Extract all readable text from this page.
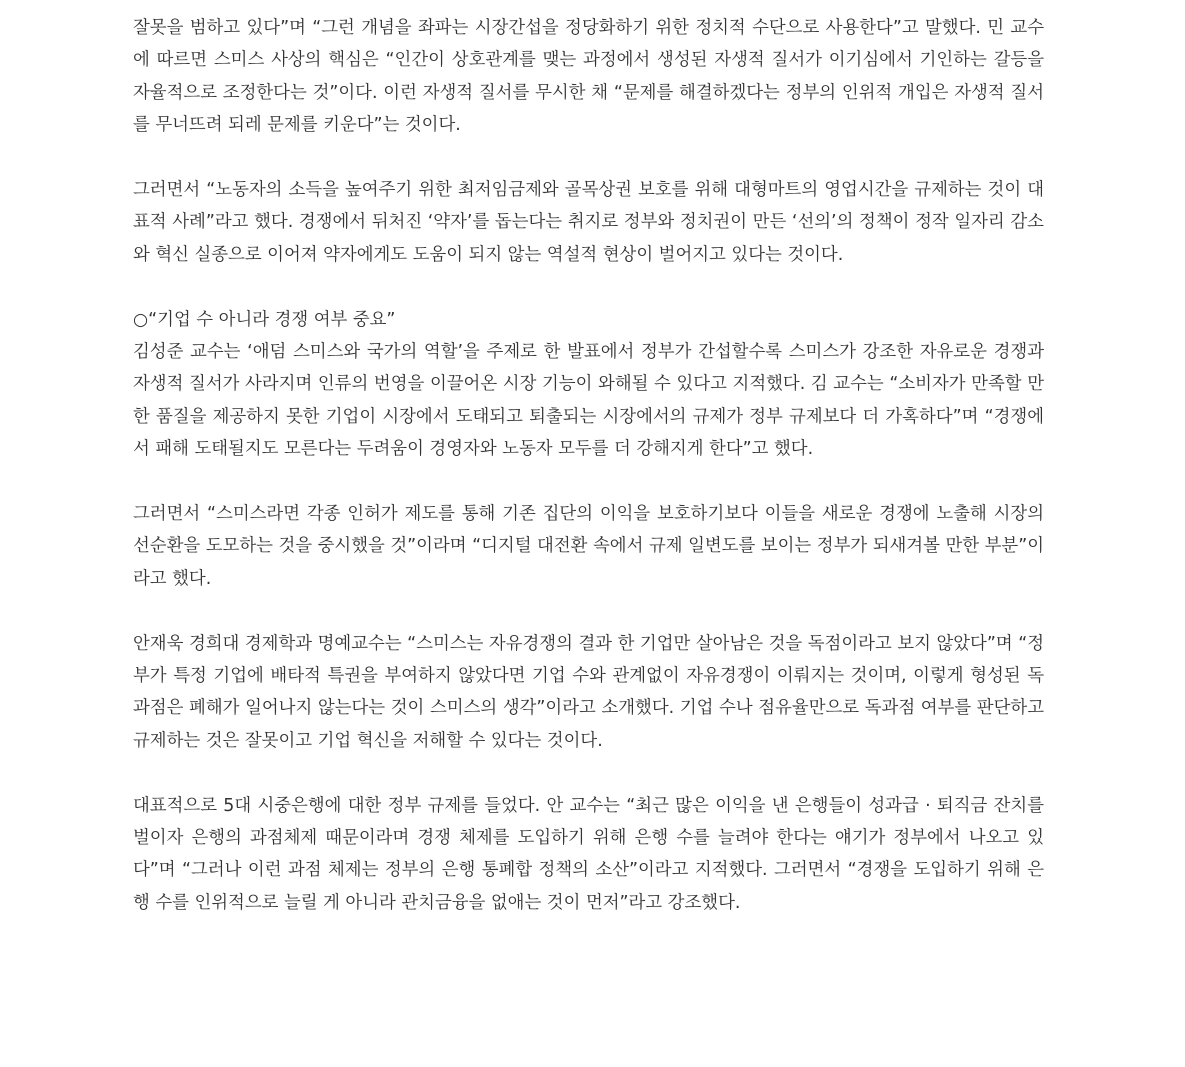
잘못을 범하고 있다”며 “그런 개념을 좌파는 시장간섭을 정당화하기 위한 정치적 수단으로 사용한다”고 말했다. 민 교수에 따르면 스미스 사상의 핵심은 “인간이 상호관계를 맺는 과정에서 생성된 자생적 질서가 이기심에서 기인하는 갈등을 자율적으로 조정한다는 것”이다. 이런 자생적 질서를 무시한 채 “문제를 해결하겠다는 정부의 인위적 개입은 자생적 질서를 무너뜨려 되레 문제를 키운다”는 것이다.

그러면서 “노동자의 소득을 높여주기 위한 최저임금제와 골목상권 보호를 위해 대형마트의 영업시간을 규제하는 것이 대표적 사례”라고 했다. 경쟁에서 뒤처진 ‘약자’를 돕는다는 취지로 정부와 정치권이 만든 ‘선의’의 정책이 정작 일자리 감소와 혁신 실종으로 이어져 약자에게도 도움이 되지 않는 역설적 현상이 벌어지고 있다는 것이다.

○“기업 수 아니라 경쟁 여부 중요”

김성준 교수는 ‘애덤 스미스와 국가의 역할’을 주제로 한 발표에서 정부가 간섭할수록 스미스가 강조한 자유로운 경쟁과 자생적 질서가 사라지며 인류의 번영을 이끌어온 시장 기능이 와해될 수 있다고 지적했다. 김 교수는 “소비자가 만족할 만한 품질을 제공하지 못한 기업이 시장에서 도태되고 퇴출되는 시장에서의 규제가 정부 규제보다 더 가혹하다”며 “경쟁에서 패해 도태될지도 모른다는 두려움이 경영자와 노동자 모두를 더 강해지게 한다”고 했다.

그러면서 “스미스라면 각종 인허가 제도를 통해 기존 집단의 이익을 보호하기보다 이들을 새로운 경쟁에 노출해 시장의 선순환을 도모하는 것을 중시했을 것”이라며 “디지털 대전환 속에서 규제 일변도를 보이는 정부가 되새겨볼 만한 부분”이라고 했다.

안재욱 경희대 경제학과 명예교수는 “스미스는 자유경쟁의 결과 한 기업만 살아남은 것을 독점이라고 보지 않았다”며 “정부가 특정 기업에 배타적 특권을 부여하지 않았다면 기업 수와 관계없이 자유경쟁이 이뤄지는 것이며, 이렇게 형성된 독과점은 폐해가 일어나지 않는다는 것이 스미스의 생각”이라고 소개했다. 기업 수나 점유율만으로 독과점 여부를 판단하고 규제하는 것은 잘못이고 기업 혁신을 저해할 수 있다는 것이다.

대표적으로 5대 시중은행에 대한 정부 규제를 들었다. 안 교수는 “최근 많은 이익을 낸 은행들이 성과급 · 퇴직금 잔치를 벌이자 은행의 과점체제 때문이라며 경쟁 체제를 도입하기 위해 은행 수를 늘려야 한다는 얘기가 정부에서 나오고 있다”며 “그러나 이런 과점 체제는 정부의 은행 통폐합 정책의 소산”이라고 지적했다. 그러면서 “경쟁을 도입하기 위해 은행 수를 인위적으로 늘릴 게 아니라 관치금융을 없애는 것이 먼저”라고 강조했다.
